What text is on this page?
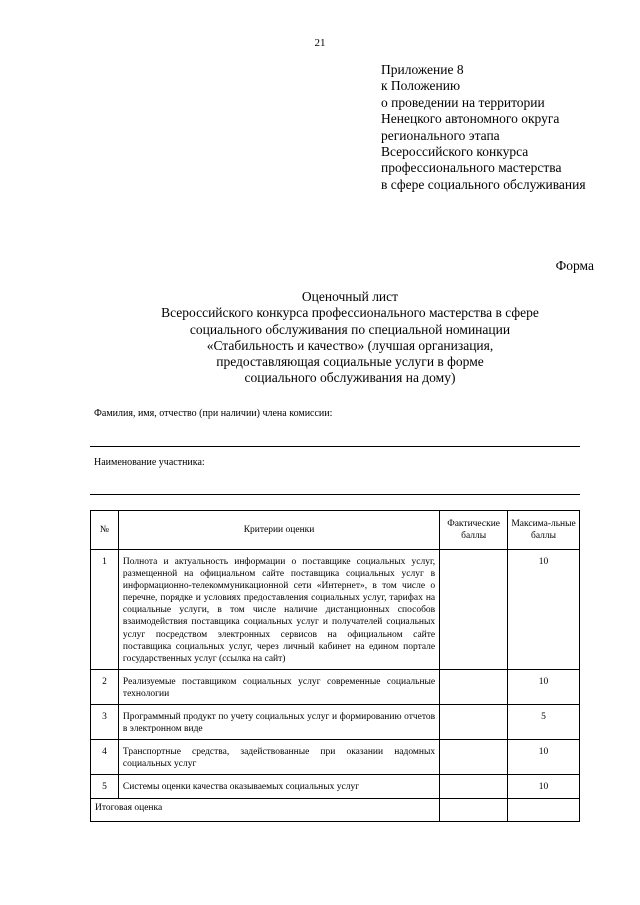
21
Приложение 8
к Положению
о проведении на территории
Ненецкого автономного округа
регионального этапа
Всероссийского конкурса
профессионального мастерства
в сфере социального обслуживания
Форма
Оценочный лист
Всероссийского конкурса профессионального мастерства в сфере
социального обслуживания по специальной номинации
«Стабильность и качество» (лучшая организация,
предоставляющая социальные услуги в форме
социального обслуживания на дому)
Фамилия, имя, отчество (при наличии) члена комиссии:
Наименование участника:
№	Критерии оценки	Фактические баллы	Максима-льные баллы
1	Полнота и актуальность информации о поставщике социальных услуг, размещенной на официальном сайте поставщика социальных услуг в информационно-телекоммуникационной сети «Интернет», в том числе о перечне, порядке и условиях предоставления социальных услуг, тарифах на социальные услуги, в том числе наличие дистанционных способов взаимодействия поставщика социальных услуг и получателей социальных услуг посредством электронных сервисов на официальном сайте поставщика социальных услуг, через личный кабинет на едином портале государственных услуг (ссылка на сайт)		10
2	Реализуемые поставщиком социальных услуг современные социальные технологии		10
3	Программный продукт по учету социальных услуг и формированию отчетов в электронном виде		5
4	Транспортные средства, задействованные при оказании надомных социальных услуг		10
5	Системы оценки качества оказываемых социальных услуг		10
Итоговая оценка			
